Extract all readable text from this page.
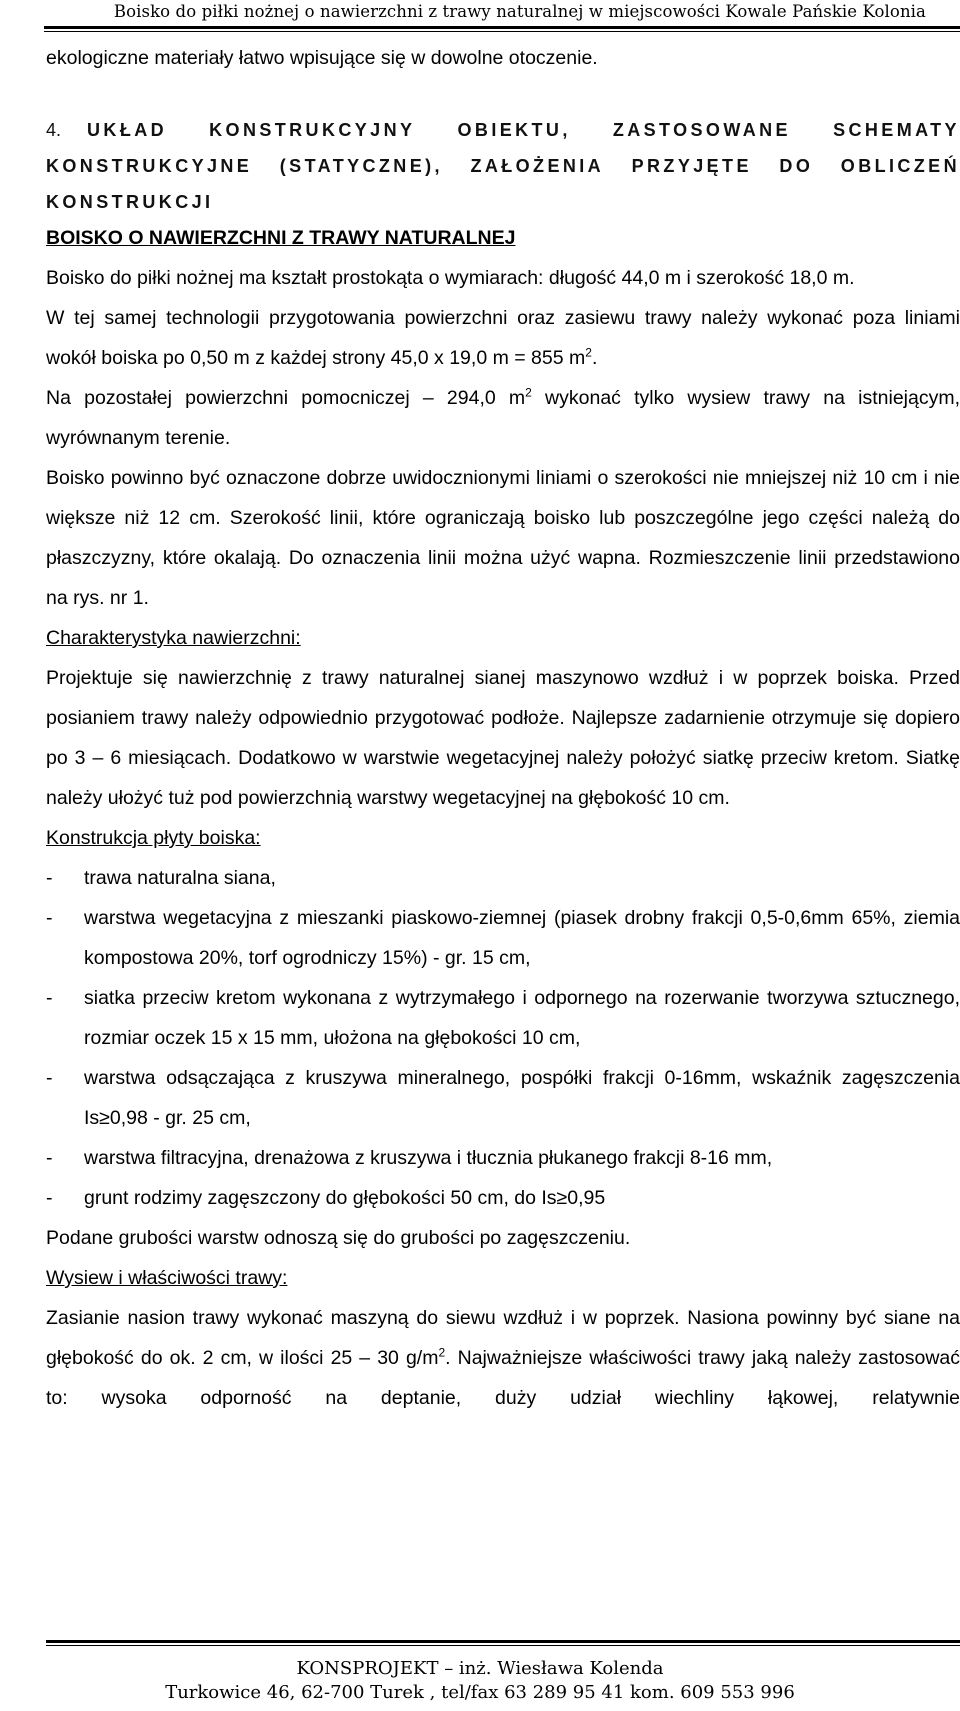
Boisko do piłki nożnej o nawierzchni z trawy naturalnej w miejscowości Kowale Pańskie Kolonia

ekologiczne materiały łatwo wpisujące się w dowolne otoczenie.

4. UKŁAD KONSTRUKCYJNY OBIEKTU, ZASTOSOWANE SCHEMATY
KONSTRUKCYJNE (STATYCZNE), ZAŁOŻENIA PRZYJĘTE DO OBLICZEŃ
KONSTRUKCJI

BOISKO O NAWIERZCHNI Z TRAWY NATURALNEJ

Boisko do piłki nożnej ma kształt prostokąta o wymiarach: długość 44,0 m i szerokość 18,0 m.

W tej samej technologii przygotowania powierzchni oraz zasiewu trawy należy wykonać poza liniami wokół boiska po 0,50 m z każdej strony 45,0 x 19,0 m = 855 $m^2$.

Na pozostałej powierzchni pomocniczej – 294,0 $m^2$ wykonać tylko wysiew trawy na istniejącym, wyrównanym terenie.

Boisko powinno być oznaczone dobrze uwidocznionymi liniami o szerokości nie mniejszej niż 10 cm i nie większe niż 12 cm. Szerokość linii, które ograniczają boisko lub poszczególne jego części należą do płaszczyzny, które okalają. Do oznaczenia linii można użyć wapna. Rozmieszczenie linii przedstawiono na rys. nr 1.

Charakterystyka nawierzchni:

Projektuje się nawierzchnię z trawy naturalnej sianej maszynowo wzdłuż i w poprzek boiska. Przed posianiem trawy należy odpowiednio przygotować podłoże. Najlepsze zadarnienie otrzymuje się dopiero po 3 – 6 miesiącach. Dodatkowo w warstwie wegetacyjnej należy położyć siatkę przeciw kretom. Siatkę należy ułożyć tuż pod powierzchnią warstwy wegetacyjnej na głębokość 10 cm.

Konstrukcja płyty boiska:

-	trawa naturalna siana,
-	warstwa wegetacyjna z mieszanki piaskowo-ziemnej (piasek drobny frakcji 0,5-0,6mm 65%, ziemia kompostowa 20%, torf ogrodniczy 15%) - gr. 15 cm,
-	siatka przeciw kretom wykonana z wytrzymałego i odpornego na rozerwanie tworzywa sztucznego, rozmiar oczek 15 x 15 mm, ułożona na głębokości 10 cm,
-	warstwa odsączająca z kruszywa mineralnego, pospółki frakcji 0-16mm, wskaźnik zagęszczenia Is≥0,98 - gr. 25 cm,
-	warstwa filtracyjna, drenażowa z kruszywa i tłucznia płukanego frakcji 8-16 mm,
-	grunt rodzimy zagęszczony do głębokości 50 cm, do Is≥0,95

Podane grubości warstw odnoszą się do grubości po zagęszczeniu.

Wysiew i właściwości trawy:

Zasianie nasion trawy wykonać maszyną do siewu wzdłuż i w poprzek. Nasiona powinny być siane na głębokość do ok. 2 cm, w ilości 25 – 30 $g/m^2$. Najważniejsze właściwości trawy jaką należy zastosować to: wysoka odporność na deptanie, duży udział wiechliny łąkowej, relatywnie

KONSPROJEKT – inż. Wiesława Kolenda
Turkowice 46, 62-700 Turek , tel/fax 63 289 95 41 kom. 609 553 996
